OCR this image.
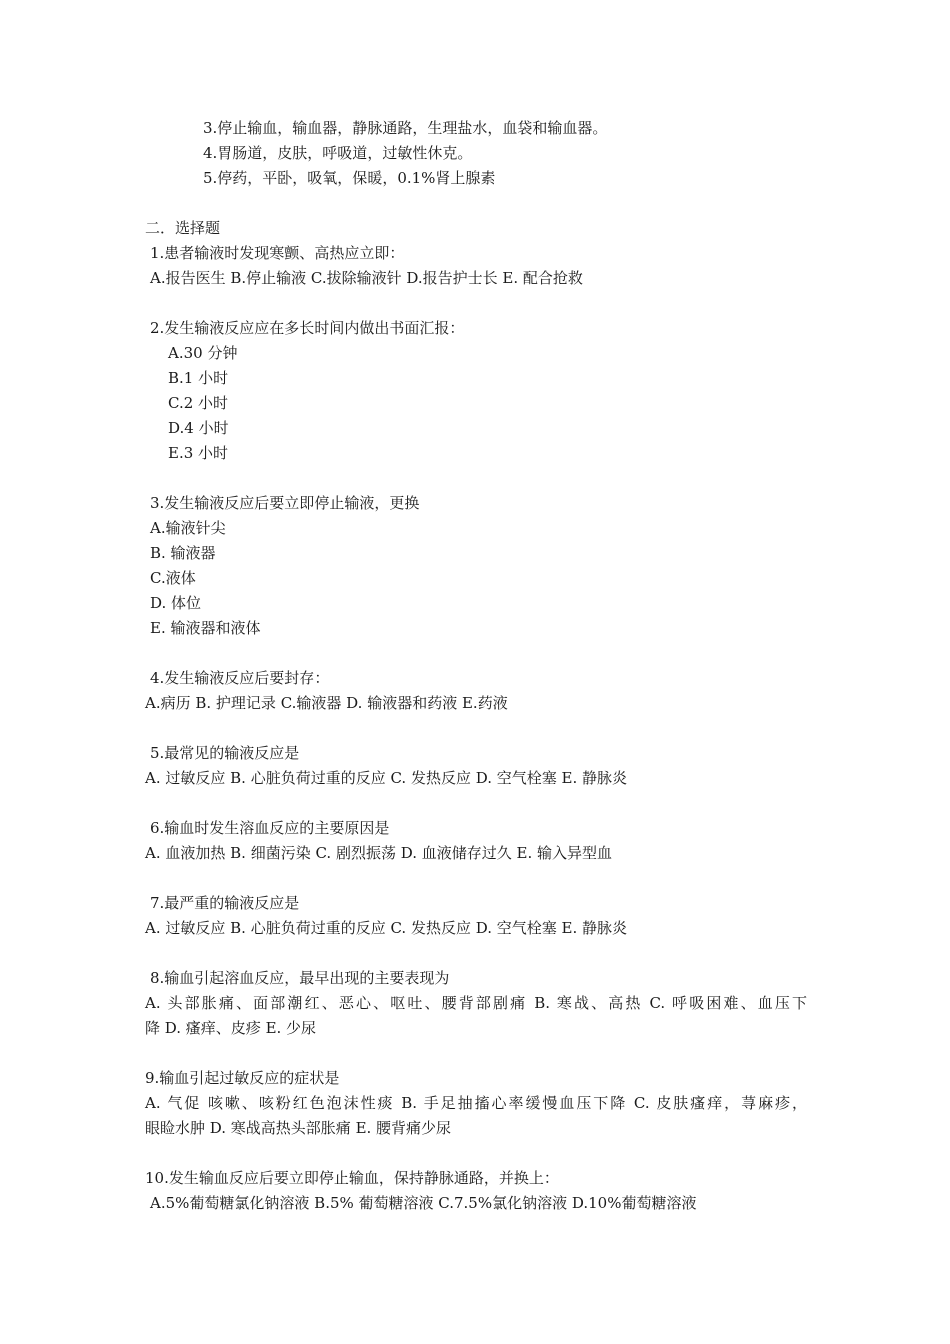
3.停止输血，输血器，静脉通路，生理盐水，血袋和输血器。
4.胃肠道，皮肤，呼吸道，过敏性休克。
5.停药，平卧，吸氧，保暖，0.1%肾上腺素
二．选择题
1.患者输液时发现寒颤、高热应立即：
A.报告医生 B.停止输液 C.拔除输液针 D.报告护士长 E. 配合抢救
2.发生输液反应应在多长时间内做出书面汇报：
A.30 分钟
B.1 小时
C.2 小时
D.4 小时
E.3 小时
3.发生输液反应后要立即停止输液，更换
A.输液针尖
B. 输液器
C.液体
D. 体位
E. 输液器和液体
4.发生输液反应后要封存：
A.病历 B. 护理记录 C.输液器 D. 输液器和药液 E.药液
5.最常见的输液反应是
A. 过敏反应 B. 心脏负荷过重的反应 C. 发热反应 D. 空气栓塞 E. 静脉炎
6.输血时发生溶血反应的主要原因是
A. 血液加热 B. 细菌污染 C. 剧烈振荡 D. 血液储存过久 E. 输入异型血
7.最严重的输液反应是
A. 过敏反应 B. 心脏负荷过重的反应 C. 发热反应 D. 空气栓塞 E. 静脉炎
8.输血引起溶血反应，最早出现的主要表现为
A. 头部胀痛、面部潮红、恶心、呕吐、腰背部剧痛 B. 寒战、高热 C. 呼吸困难、血压下
降 D. 瘙痒、皮疹 E. 少尿
9.输血引起过敏反应的症状是
A. 气促 咳嗽、咳粉红色泡沫性痰 B. 手足抽搐心率缓慢血压下降 C. 皮肤瘙痒，荨麻疹，
眼睑水肿 D. 寒战高热头部胀痛 E. 腰背痛少尿
10.发生输血反应后要立即停止输血，保持静脉通路，并换上：
A.5%葡萄糖氯化钠溶液 B.5% 葡萄糖溶液 C.7.5%氯化钠溶液 D.10%葡萄糖溶液
